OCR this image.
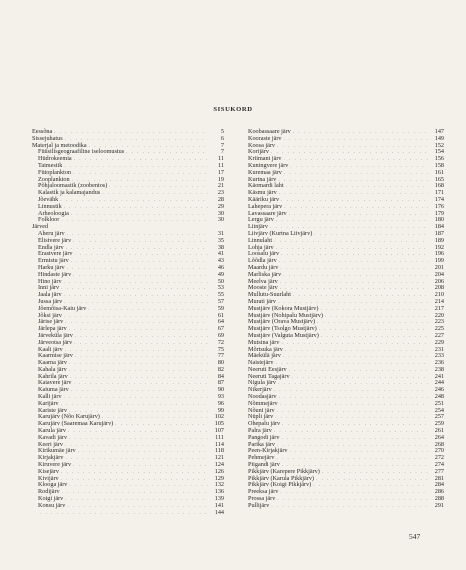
SISUKORD
Eessõna . . .	5
Sissejuhatus . . .	6
Materjal ja metoodika . . .	7
Füüsilisgeograafiline iseloomustus . . .	7
Hüdrokeemia . . .	11
Taimestik . . .	11
Fütoplankton . . .	17
Zooplankton . . .	19
Põhjaloomastik (zoobentos) . . .	21
Kalastik ja kalamajandus . . .	23
Jõevähk . . .	28
Linnustik . . .	29
Arheoloogia . . .	30
Folkloor . . .	30
Järved
Aheru järv . . .	31
Elistvere järv . . .	35
Endla järv . . .	38
Erastvere järv . . .	41
Ermistu järv . . .	43
Harku järv . . .	46
Hindaste järv . . .	49
Hino järv . . .	50
Inni järv . . .	53
Jaala järv . . .	55
Jussa järv . . .	57
Jõemõisa-Kaiu järv . . .	59
Jõksi järv . . .	61
Järise järv . . .	64
Järlepa järv . . .	67
Järveküla järv . . .	69
Järveotsa järv . . .	72
Kaali järv . . .	75
Kaarmise järv . . .	77
Kaarna järv . . .	80
Kahala järv . . .	82
Kahrila järv . . .	84
Kaiavere järv . . .	87
Kaiumа järv . . .	90
Kalli järv . . .	93
Karijärv . . .	96
Kariste järv . . .	99
Karujärv (Nõo Karujärv) . . .	102
Karujärv (Saaremaa Karujärv) . . .	105
Karula järv . . .	107
Kavadi järv . . .	111
Keeri järv . . .	114
Kirikumäe järv . . .	118
Kirjakjärv . . .	121
Kiruvere järv . . .	124
Kisejärv . . .	126
Kivijärv . . .	129
Klooga järv . . .	132
Rodijärv . . .	136
Koigi järv . . .	139
Konsu järv . . .	141
. . .
144
Koobassaare järv . . .	147
Kooraste järv . . .	149
Koosa järv . . .	152
Korijärv . . .	154
Kriimani järv . . .	156
Kuningvere järv . . .	158
Kuremaa järv . . .	161
Kurtna järv . . .	165
Käomardi laht . . .	168
Käsmu järv . . .	171
Kääriku järv . . .	174
Lahepera järv . . .	176
Lavassaare järv . . .	179
Lergu järv . . .	180
Liinjärv . . .	184
Liivjärv (Kurtna Liivjärv) . . .	187
Linnulaht . . .	189
Lohja järv . . .	192
Loosalu järv . . .	196
Lõõdla järv . . .	199
Maardu järv . . .	201
Marliska järv . . .	204
Meelva järv . . .	206
Mooste järv . . .	208
Mullutu-Suurlaht . . .	210
Murati järv . . .	214
Mustjärv (Kokora Mustjärv) . . .	217
Mustjärv (Nohipalu Mustjärv) . . .	220
Mustjärv (Orava Mustjärv) . . .	223
Mustjärv (Tsolgo Mustjärv) . . .	225
Mustjärv (Valguta Mustjärv) . . .	227
Mutsina järv . . .	229
Mõrtsuka järv . . .	231
Mäekülä järv . . .	233
Naistejärv . . .	236
Neeruti Eesjärv . . .	238
Neeruti Tagajärv . . .	241
Nigula järv . . .	244
Nikerjärv . . .	246
Noodasjärv . . .	248
Nõmmejärv . . .	251
Nõuni järv . . .	254
Nüpli järv . . .	257
Ohepalu järv . . .	259
Palra järv . . .	261
Pangodi järv . . .	264
Parika järv . . .	268
Peen-Kirjakjärv . . .	270
Pehmejärv . . .	272
Piigandi järv . . .	274
Pikkjärv (Karepere Pikkjärv) . . .	277
Pikkjärv (Karula Pikkjärv) . . .	281
Pikkjärv (Koigi Pikkjärv) . . .	284
Preeksa järv . . .	286
Prossa järv . . .	288
Pullijärv . . .	291
547
